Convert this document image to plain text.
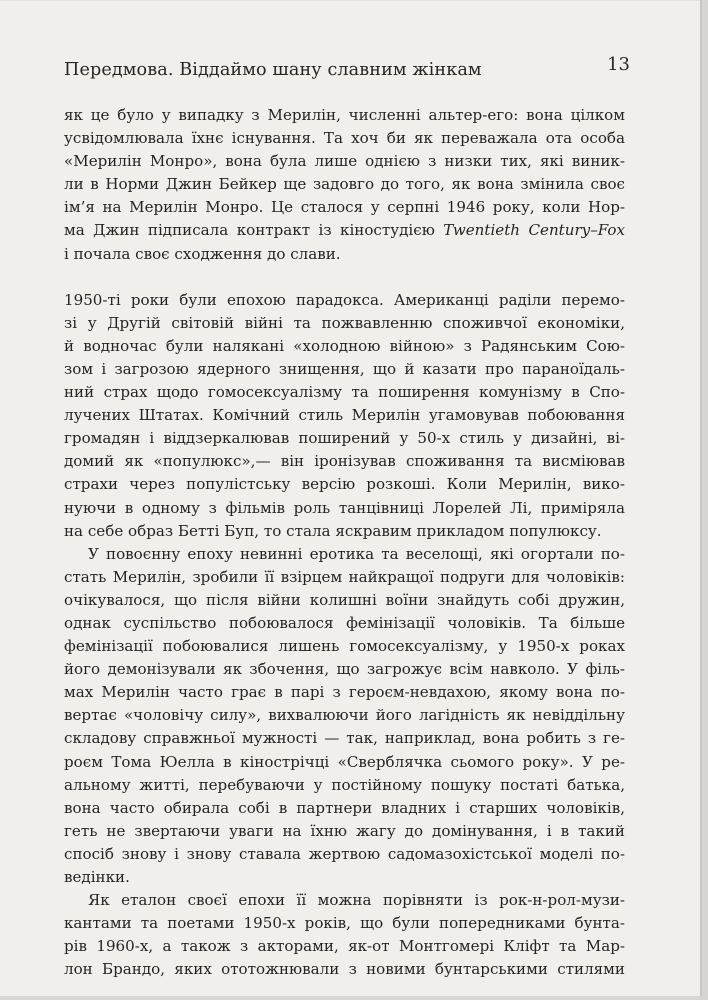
Передмова. Віддаймо шану славним жінкам	13

як це було у випадку з Мерилін, численні альтер-его: вона цілком
усвідомлювала їхнє існування. Та хоч би як переважала ота особа
«Мерилін Монро», вона була лише однією з низки тих, які виник-
ли в Норми Джин Бейкер ще задовго до того, як вона змінила своє
ім’я на Мерилін Монро. Це сталося у серпні 1946 року, коли Нор-
ма Джин підписала контракт із кіностудією Twentieth Century–Fox
і почала своє сходження до слави.

1950-ті роки були епохою парадокса. Американці раділи перемо-
зі у Другій світовій війні та пожвавленню споживчої економіки,
й водночас були налякані «холодною війною» з Радянським Сою-
зом і загрозою ядерного знищення, що й казати про параноїдаль-
ний страх щодо гомосексуалізму та поширення комунізму в Спо-
лучених Штатах. Комічний стиль Мерилін угамовував побоювання
громадян і віддзеркалював поширений у 50-х стиль у дизайні, ві-
домий як «популюкс»,— він іронізував споживання та висміював
страхи через популістську версію розкоші. Коли Мерилін, вико-
нуючи в одному з фільмів роль танцівниці Лорелей Лі, приміряла
на себе образ Бетті Буп, то стала яскравим прикладом популюксу.

У повоєнну епоху невинні еротика та веселощі, які огортали по-
стать Мерилін, зробили її взірцем найкращої подруги для чоловіків:
очікувалося, що після війни колишні воїни знайдуть собі дружин,
однак суспільство побоювалося фемінізації чоловіків. Та більше
фемінізації побоювалися лишень гомосексуалізму, у 1950-х роках
його демонізували як збочення, що загрожує всім навколо. У філь-
мах Мерилін часто грає в парі з героєм-невдахою, якому вона по-
вертає «чоловічу силу», вихвалюючи його лагідність як невіддільну
складову справжньої мужності — так, наприклад, вона робить з ге-
роєм Тома Юелла в кінострічці «Сверблячка сьомого року». У ре-
альному житті, перебуваючи у постійному пошуку постаті батька,
вона часто обирала собі в партнери владних і старших чоловіків,
геть не звертаючи уваги на їхню жагу до домінування, і в такий
спосіб знову і знову ставала жертвою садомазохістської моделі по-
ведінки.

Як еталон своєї епохи її можна порівняти із рок-н-рол-музи-
кантами та поетами 1950-х років, що були попередниками бунта-
рів 1960-х, а також з акторами, як-от Монтгомері Кліфт та Мар-
лон Брандо, яких ототожнювали з новими бунтарськими стилями
